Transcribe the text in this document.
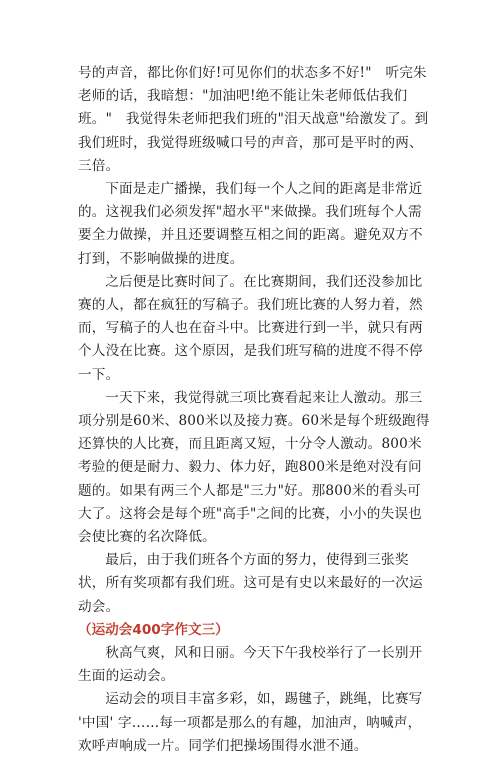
号的声音，都比你们好!可见你们的状态多不好!"　听完朱老师的话，我暗想："加油吧!绝不能让朱老师低估我们班。"　我觉得朱老师把我们班的"泪天战意"给激发了。到我们班时，我觉得班级喊口号的声音，那可是平时的两、三倍。

下面是走广播操，我们每一个人之间的距离是非常近的。这视我们必须发挥"超水平"来做操。我们班每个人需要全力做操，并且还要调整互相之间的距离。避免双方不打到，不影响做操的进度。

之后便是比赛时间了。在比赛期间，我们还没参加比赛的人，都在疯狂的写稿子。我们班比赛的人努力着，然而，写稿子的人也在奋斗中。比赛进行到一半，就只有两个人没在比赛。这个原因，是我们班写稿的进度不得不停一下。

一天下来，我觉得就三项比赛看起来让人激动。那三项分别是60米、800米以及接力赛。60米是每个班级跑得还算快的人比赛，而且距离又短，十分令人激动。800米考验的便是耐力、毅力、体力好，跑800米是绝对没有问题的。如果有两三个人都是"三力"好。那800米的看头可大了。这将会是每个班"高手"之间的比赛，小小的失误也会使比赛的名次降低。

最后，由于我们班各个方面的努力，使得到三张奖状，所有奖项都有我们班。这可是有史以来最好的一次运动会。

（运动会400字作文三）

秋高气爽，风和日丽。今天下午我校举行了一长别开生面的运动会。

运动会的项目丰富多彩，如，踢毽子，跳绳，比赛写 '中国' 字……每一项都是那么的有趣，加油声，呐喊声，欢呼声响成一片。同学们把操场围得水泄不通。
